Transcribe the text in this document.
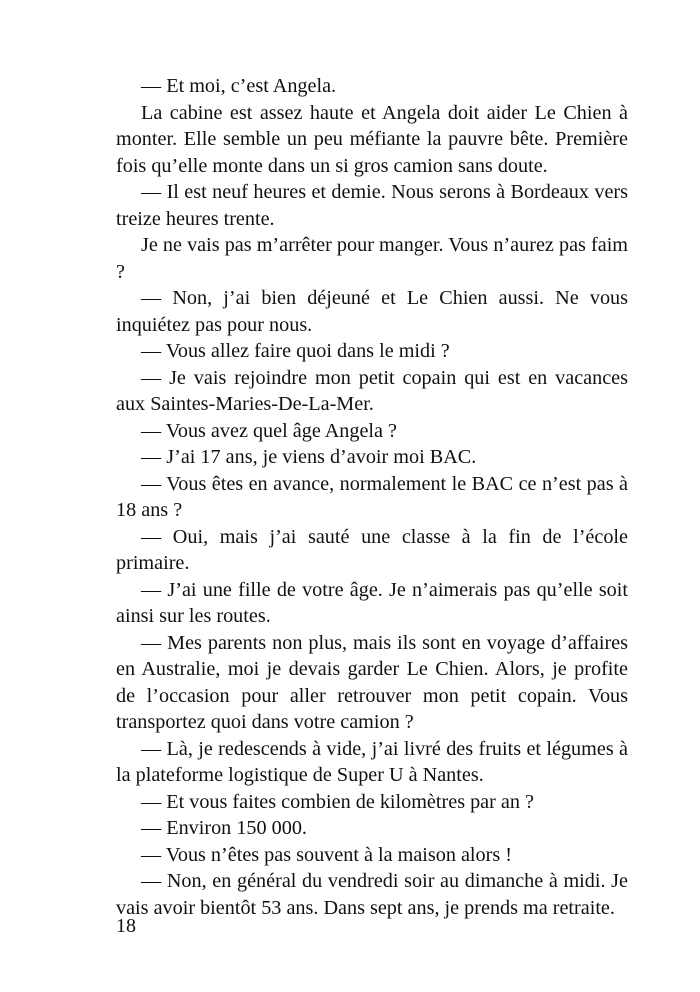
— Et moi, c’est Angela.

La cabine est assez haute et Angela doit aider Le Chien à monter. Elle semble un peu méfiante la pauvre bête. Première fois qu’elle monte dans un si gros camion sans doute.

— Il est neuf heures et demie. Nous serons à Bordeaux vers treize heures trente.

Je ne vais pas m’arrêter pour manger. Vous n’aurez pas faim ?

— Non, j’ai bien déjeuné et Le Chien aussi. Ne vous inquiétez pas pour nous.

— Vous allez faire quoi dans le midi ?

— Je vais rejoindre mon petit copain qui est en vacances aux Saintes-Maries-De-La-Mer.

— Vous avez quel âge Angela ?

— J’ai 17 ans, je viens d’avoir moi BAC.

— Vous êtes en avance, normalement le BAC ce n’est pas à 18 ans ?

— Oui, mais j’ai sauté une classe à la fin de l’école primaire.

— J’ai une fille de votre âge. Je n’aimerais pas qu’elle soit ainsi sur les routes.

— Mes parents non plus, mais ils sont en voyage d’affaires en Australie, moi je devais garder Le Chien. Alors, je profite de l’occasion pour aller retrouver mon petit copain. Vous transportez quoi dans votre camion ?

— Là, je redescends à vide, j’ai livré des fruits et légumes à la plateforme logistique de Super U à Nantes.

— Et vous faites combien de kilomètres par an ?

— Environ 150 000.

— Vous n’êtes pas souvent à la maison alors !

— Non, en général du vendredi soir au dimanche à midi. Je vais avoir bientôt 53 ans. Dans sept ans, je prends ma retraite.

18
